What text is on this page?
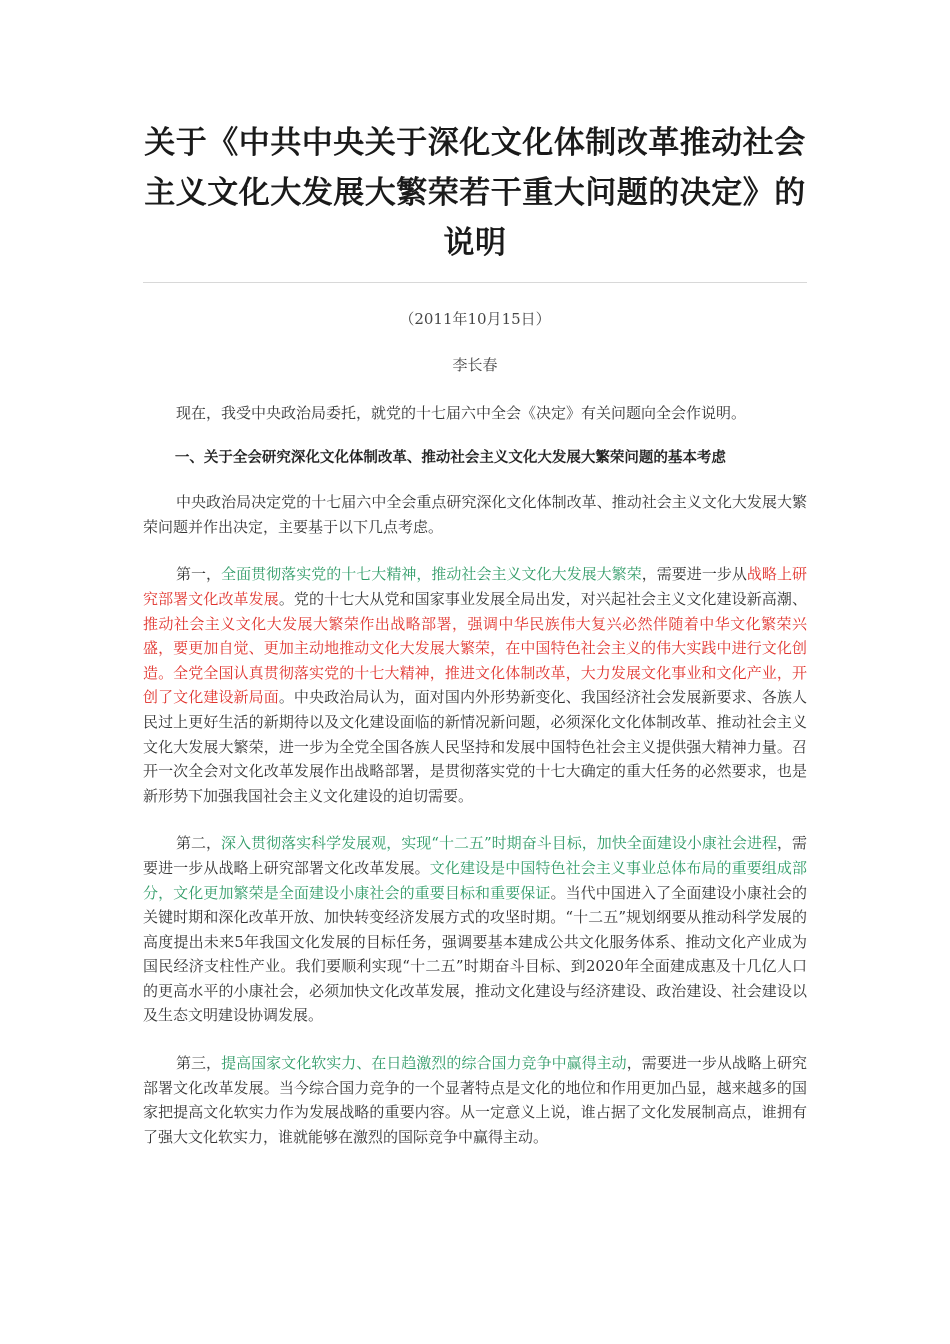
关于《中共中央关于深化文化体制改革推动社会
主义文化大发展大繁荣若干重大问题的决定》的
说明
（2011年10月15日）
李长春

现在，我受中央政治局委托，就党的十七届六中全会《决定》有关问题向全会作说明。

一、关于全会研究深化文化体制改革、推动社会主义文化大发展大繁荣问题的基本考虑

中央政治局决定党的十七届六中全会重点研究深化文化体制改革、推动社会主义文化大发展大繁荣问题并作出决定，主要基于以下几点考虑。

第一，全面贯彻落实党的十七大精神，推动社会主义文化大发展大繁荣，需要进一步从战略上研究部署文化改革发展。党的十七大从党和国家事业发展全局出发，对兴起社会主义文化建设新高潮、推动社会主义文化大发展大繁荣作出战略部署，强调中华民族伟大复兴必然伴随着中华文化繁荣兴盛，要更加自觉、更加主动地推动文化大发展大繁荣，在中国特色社会主义的伟大实践中进行文化创造。全党全国认真贯彻落实党的十七大精神，推进文化体制改革，大力发展文化事业和文化产业，开创了文化建设新局面。中央政治局认为，面对国内外形势新变化、我国经济社会发展新要求、各族人民过上更好生活的新期待以及文化建设面临的新情况新问题，必须深化文化体制改革、推动社会主义文化大发展大繁荣，进一步为全党全国各族人民坚持和发展中国特色社会主义提供强大精神力量。召开一次全会对文化改革发展作出战略部署，是贯彻落实党的十七大确定的重大任务的必然要求，也是新形势下加强我国社会主义文化建设的迫切需要。

第二，深入贯彻落实科学发展观，实现“十二五”时期奋斗目标，加快全面建设小康社会进程，需要进一步从战略上研究部署文化改革发展。文化建设是中国特色社会主义事业总体布局的重要组成部分，文化更加繁荣是全面建设小康社会的重要目标和重要保证。当代中国进入了全面建设小康社会的关键时期和深化改革开放、加快转变经济发展方式的攻坚时期。“十二五”规划纲要从推动科学发展的高度提出未来5年我国文化发展的目标任务，强调要基本建成公共文化服务体系、推动文化产业成为国民经济支柱性产业。我们要顺利实现“十二五”时期奋斗目标、到2020年全面建成惠及十几亿人口的更高水平的小康社会，必须加快文化改革发展，推动文化建设与经济建设、政治建设、社会建设以及生态文明建设协调发展。

第三，提高国家文化软实力、在日趋激烈的综合国力竞争中赢得主动，需要进一步从战略上研究部署文化改革发展。当今综合国力竞争的一个显著特点是文化的地位和作用更加凸显，越来越多的国家把提高文化软实力作为发展战略的重要内容。从一定意义上说，谁占据了文化发展制高点，谁拥有了强大文化软实力，谁就能够在激烈的国际竞争中赢得主动。
